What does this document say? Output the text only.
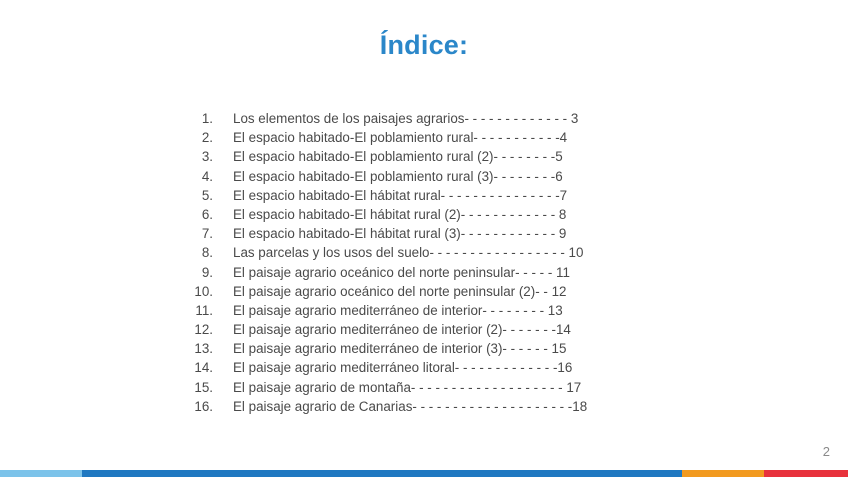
Índice:
1.	Los elementos de los paisajes agrarios- - - - - - - - - - - - - 3
2.	El espacio habitado-El poblamiento rural- - - - - - - - - - -4
3.	El espacio habitado-El poblamiento rural (2)- - - - - - - -5
4.	El espacio habitado-El poblamiento rural (3)- - - - - - - -6
5.	El espacio habitado-El hábitat rural- - - - - - - - - - - - - - -7
6.	El espacio habitado-El hábitat rural (2)- - - - - - - - - - - - 8
7.	El espacio habitado-El hábitat rural (3)- - - - - - - - - - - - 9
8.	Las parcelas y los usos del suelo- - - - - - - - - - - - - - - - - 10
9.	El paisaje agrario oceánico del norte peninsular- - - - - 11
10.	El paisaje agrario oceánico del norte peninsular (2)- - 12
11.	El paisaje agrario mediterráneo de interior- - - - - - - - 13
12.	El paisaje agrario mediterráneo de interior (2)- - - - - - -14
13.	El paisaje agrario mediterráneo de interior (3)- - - - - - 15
14.	El paisaje agrario mediterráneo litoral- - - - - - - - - - - - -16
15.	El paisaje agrario de montaña- - - - - - - - - - - - - - - - - - - 17
16.	El paisaje agrario de Canarias- - - - - - - - - - - - - - - - - - - -18
2
